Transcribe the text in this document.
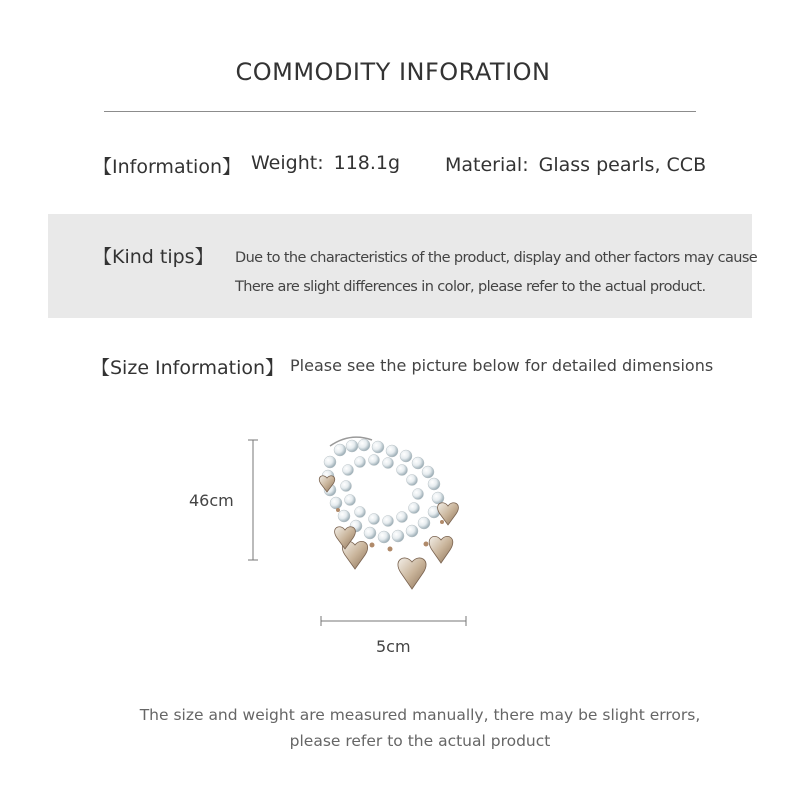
COMMODITY INFORATION
【Information】 Weight: 118.1g Material: Glass pearls, CCB
【Kind tips】 Due to the characteristics of the product, display and other factors may cause
There are slight differences in color, please refer to the actual product.
【Size Information】 Please see the picture below for detailed dimensions
46cm
5cm
The size and weight are measured manually, there may be slight errors,
please refer to the actual product
